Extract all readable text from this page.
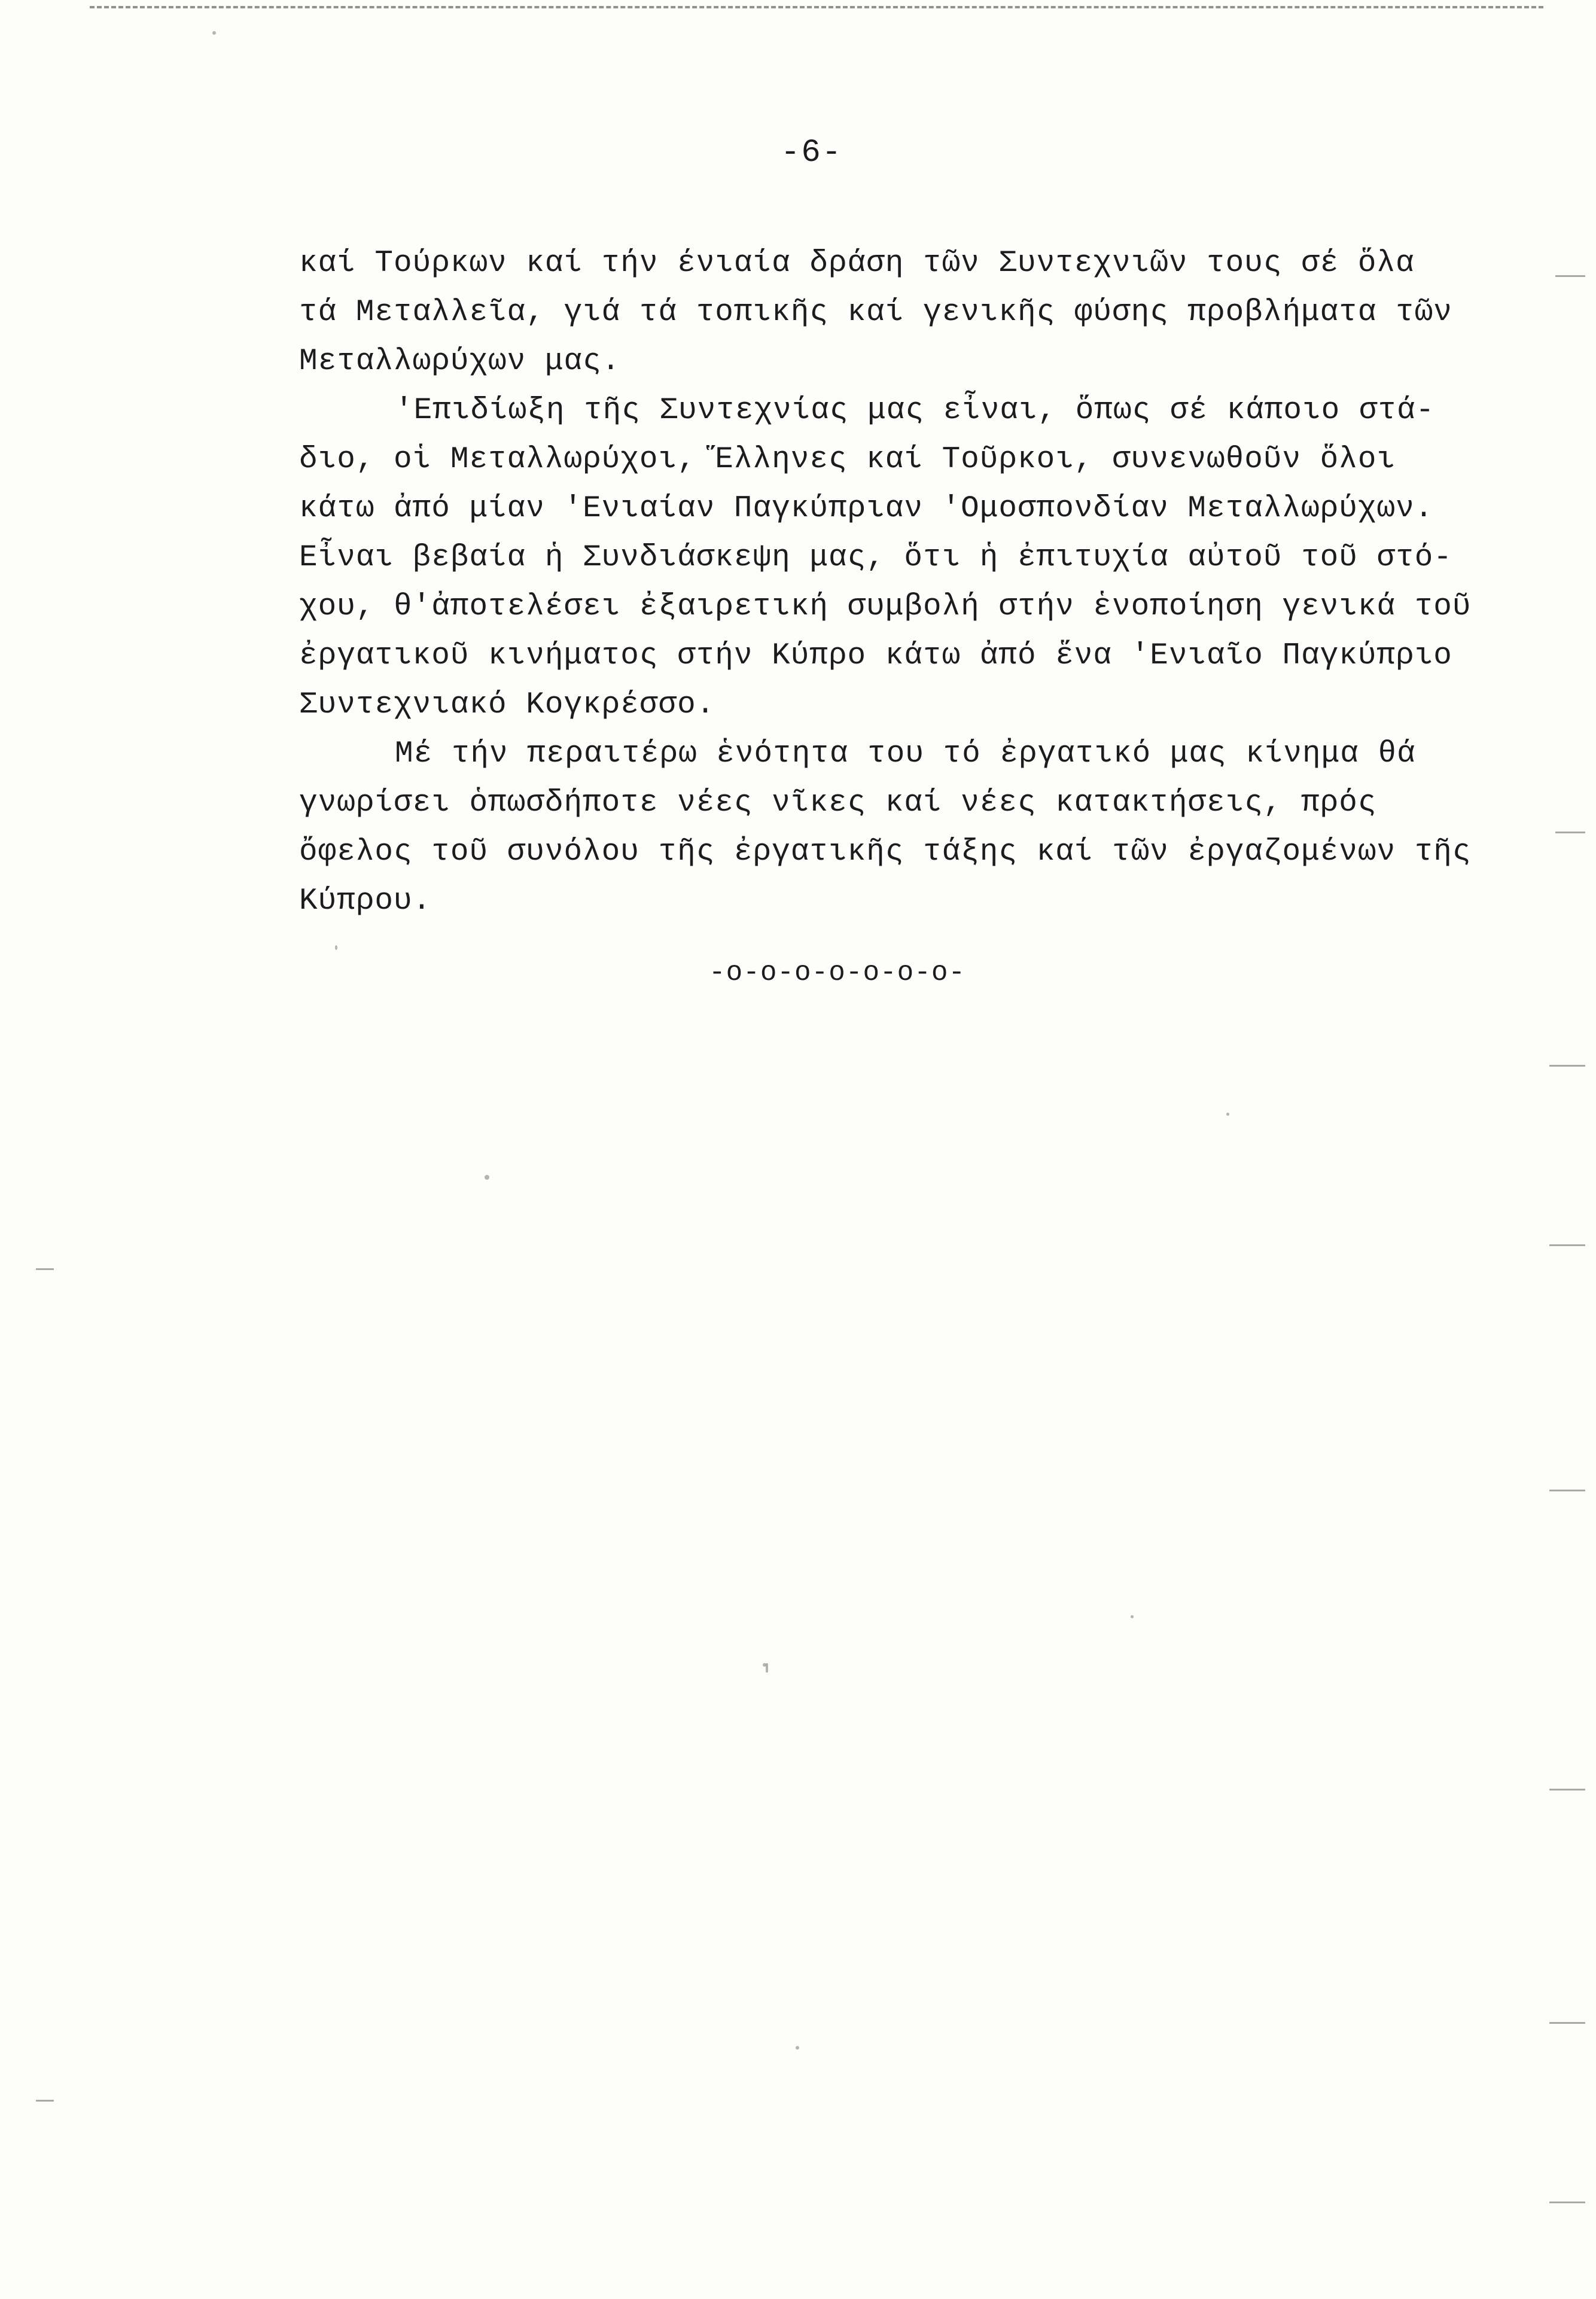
-6-
καί Τούρκων καί τήν ένιαία δράση τῶν Συντεχνιῶν τους σέ ὅλα
τά Μεταλλεῖα, γιά τά τοπικῆς καί γενικῆς φύσης προβλήματα τῶν
Μεταλλωρύχων μας.
'Επιδίωξη τῆς Συντεχνίας μας εἶναι, ὅπως σέ κάποιο στά-
διο, οἱ Μεταλλωρύχοι, Ἕλληνες καί Τοῦρκοι, συνενωθοῦν ὅλοι
κάτω ἀπό μίαν 'Ενιαίαν Παγκύπριαν 'Ομοσπονδίαν Μεταλλωρύχων.
Εἶναι βεβαία ἡ Συνδιάσκεψη μας, ὅτι ἡ ἐπιτυχία αὐτοῦ τοῦ στό-
χου, θ'ἀποτελέσει ἐξαιρετική συμβολή στήν ἑνοποίηση γενικά τοῦ
ἐργατικοῦ κινήματος στήν Κύπρο κάτω ἀπό ἕνα 'Ενιαῖο Παγκύπριο
Συντεχνιακό Κογκρέσσο.
Μέ τήν περαιτέρω ἑνότητα του τό ἐργατικό μας κίνημα θά
γνωρίσει ὁπωσδήποτε νέες νῖκες καί νέες κατακτήσεις, πρός
ὄφελος τοῦ συνόλου τῆς ἐργατικῆς τάξης καί τῶν ἐργαζομένων τῆς
Κύπρου.
-o-o-o-o-o-o-o-
